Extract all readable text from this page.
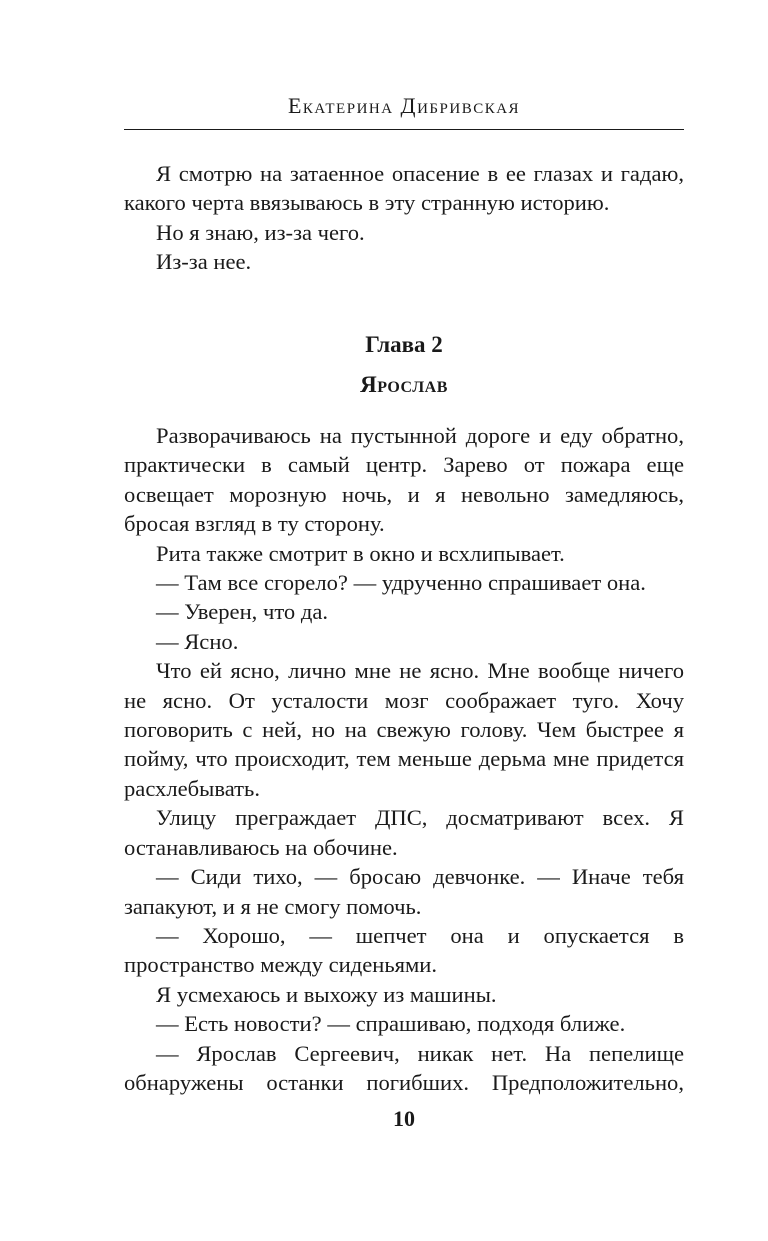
Екатерина Дибривская

Я смотрю на затаенное опасение в ее глазах и гадаю, какого черта ввязываюсь в эту странную историю.

Но я знаю, из-за чего.

Из-за нее.

Глава 2
Ярослав

Разворачиваюсь на пустынной дороге и еду обратно, практически в самый центр. Зарево от пожара еще освещает морозную ночь, и я невольно замедляюсь, бросая взгляд в ту сторону.

Рита также смотрит в окно и всхлипывает.

— Там все сгорело? — удрученно спрашивает она.

— Уверен, что да.

— Ясно.

Что ей ясно, лично мне не ясно. Мне вообще ничего не ясно. От усталости мозг соображает туго. Хочу поговорить с ней, но на свежую голову. Чем быстрее я пойму, что происходит, тем меньше дерьма мне придется расхлебывать.

Улицу преграждает ДПС, досматривают всех. Я останавливаюсь на обочине.

— Сиди тихо, — бросаю девчонке. — Иначе тебя запакуют, и я не смогу помочь.

— Хорошо, — шепчет она и опускается в пространство между сиденьями.

Я усмехаюсь и выхожу из машины.

— Есть новости? — спрашиваю, подходя ближе.

— Ярослав Сергеевич, никак нет. На пепелище обнаружены останки погибших. Предположительно,

10
